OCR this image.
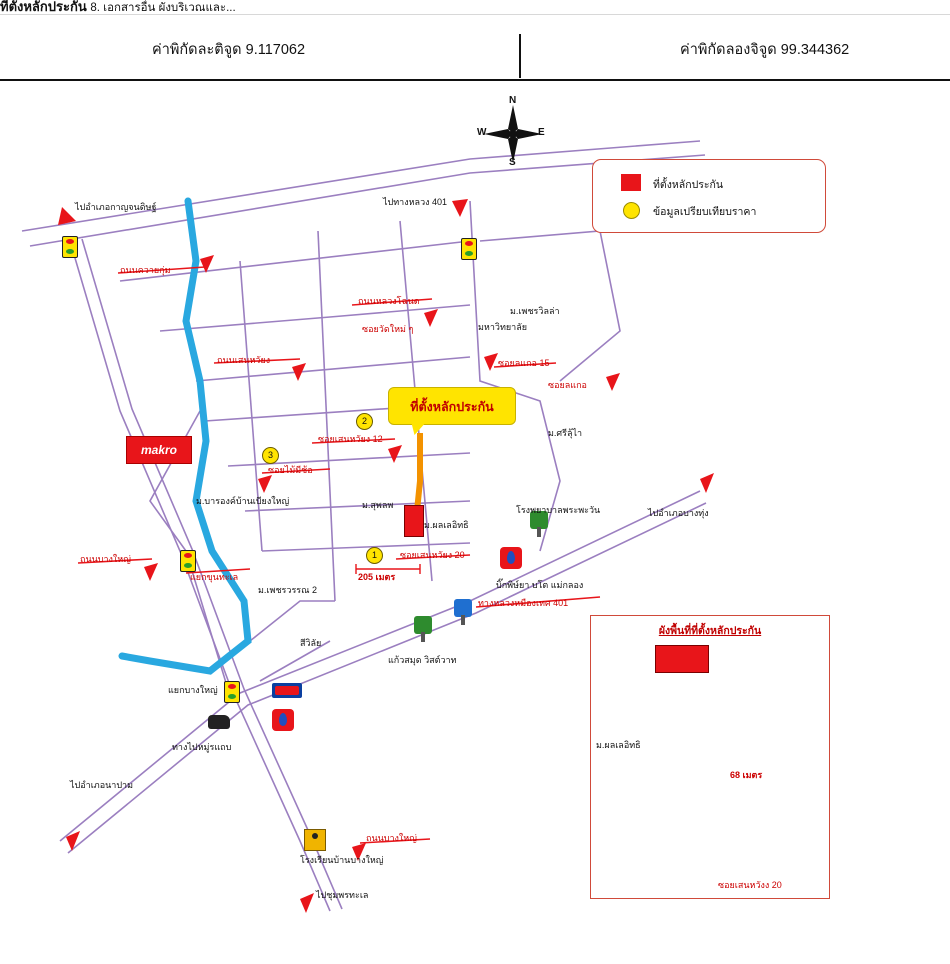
ที่ตั้งหลักประกัน 8. เอกสารอื่น ผังบริเวณและ...
ค่าพิกัดละติจูด 9.117062	ค่าพิกัดลองจิจูด 99.344362
N
S
E
W
ที่ตั้งหลักประกัน
ข้อมูลเปรียบเทียบราคา
ที่ตั้งหลักประกัน
makro
1
2
3
205 เมตร
ไปอำเภอกาญจนดิษฐ์	ไปทางหลวง 401
ถนนควายกุ่ม
ถนนหลวงโฉนด
ซอยวัดใหม่ ๆ
ถนนเสนหวัยง
มหาวิทยาลัย
ม.เพชรวิลล่า
ซอยลแกอ 15
ซอยลแกอ
ม.ศรีลุ้ไา
ม.สุพลพ
ม.ผลเลอิทธิ
ซอยเสนหวัยง 20
ซอยเสนหวัยง 12
ซอยไม้มีช้อ
ม.บารองค์บ้านเบียงใหญ่
ถนนบางใหญ่
แยกขุนทะเล
ม.เพชรวรรณ 2
โรงพยาบาลพระพะวัน
บิ๊กพิษ์ยา บโต แม่กลอง
ทางหลวงหมืองเทศ 401
ไปอำเภอบางทุ่ง
สีวิลัย
แก้วสมุด วิสต์วาท
แยกบางใหญ่
ทางไปหมู่รแถบ
ไปอำเภอนาปาม
ถนนบางใหญ่
โรงเรียนบ้านบางใหญ่
ไปชุมพรทะเล
ผังพื้นที่ที่ตั้งหลักประกัน
ม.ผลเลอิทธิ
68 เมตร
ซอยเสนหวังง 20
